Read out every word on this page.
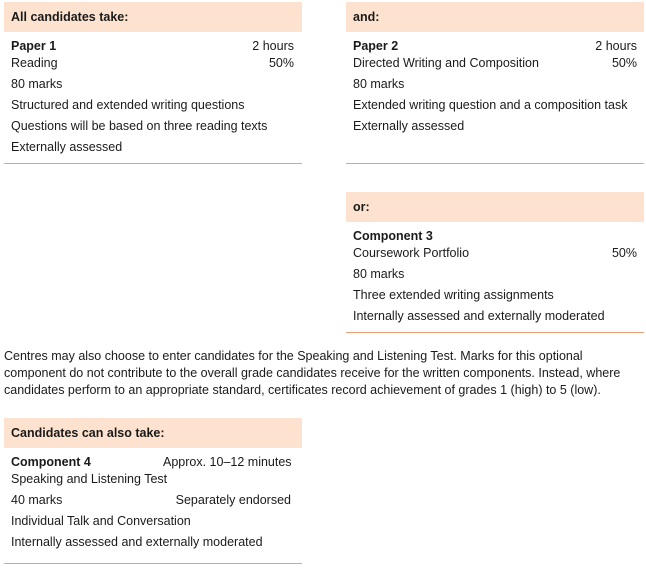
All candidates take:
Paper 1	2 hours
Reading	50%
80 marks
Structured and extended writing questions
Questions will be based on three reading texts
Externally assessed
and:
Paper 2	2 hours
Directed Writing and Composition	50%
80 marks
Extended writing question and a composition task
Externally assessed
or:
Component 3
Coursework Portfolio	50%
80 marks
Three extended writing assignments
Internally assessed and externally moderated
Centres may also choose to enter candidates for the Speaking and Listening Test. Marks for this optional component do not contribute to the overall grade candidates receive for the written components. Instead, where candidates perform to an appropriate standard, certificates record achievement of grades 1 (high) to 5 (low).
Candidates can also take:
Component 4	Approx. 10–12 minutes
Speaking and Listening Test
40 marks	Separately endorsed
Individual Talk and Conversation
Internally assessed and externally moderated
